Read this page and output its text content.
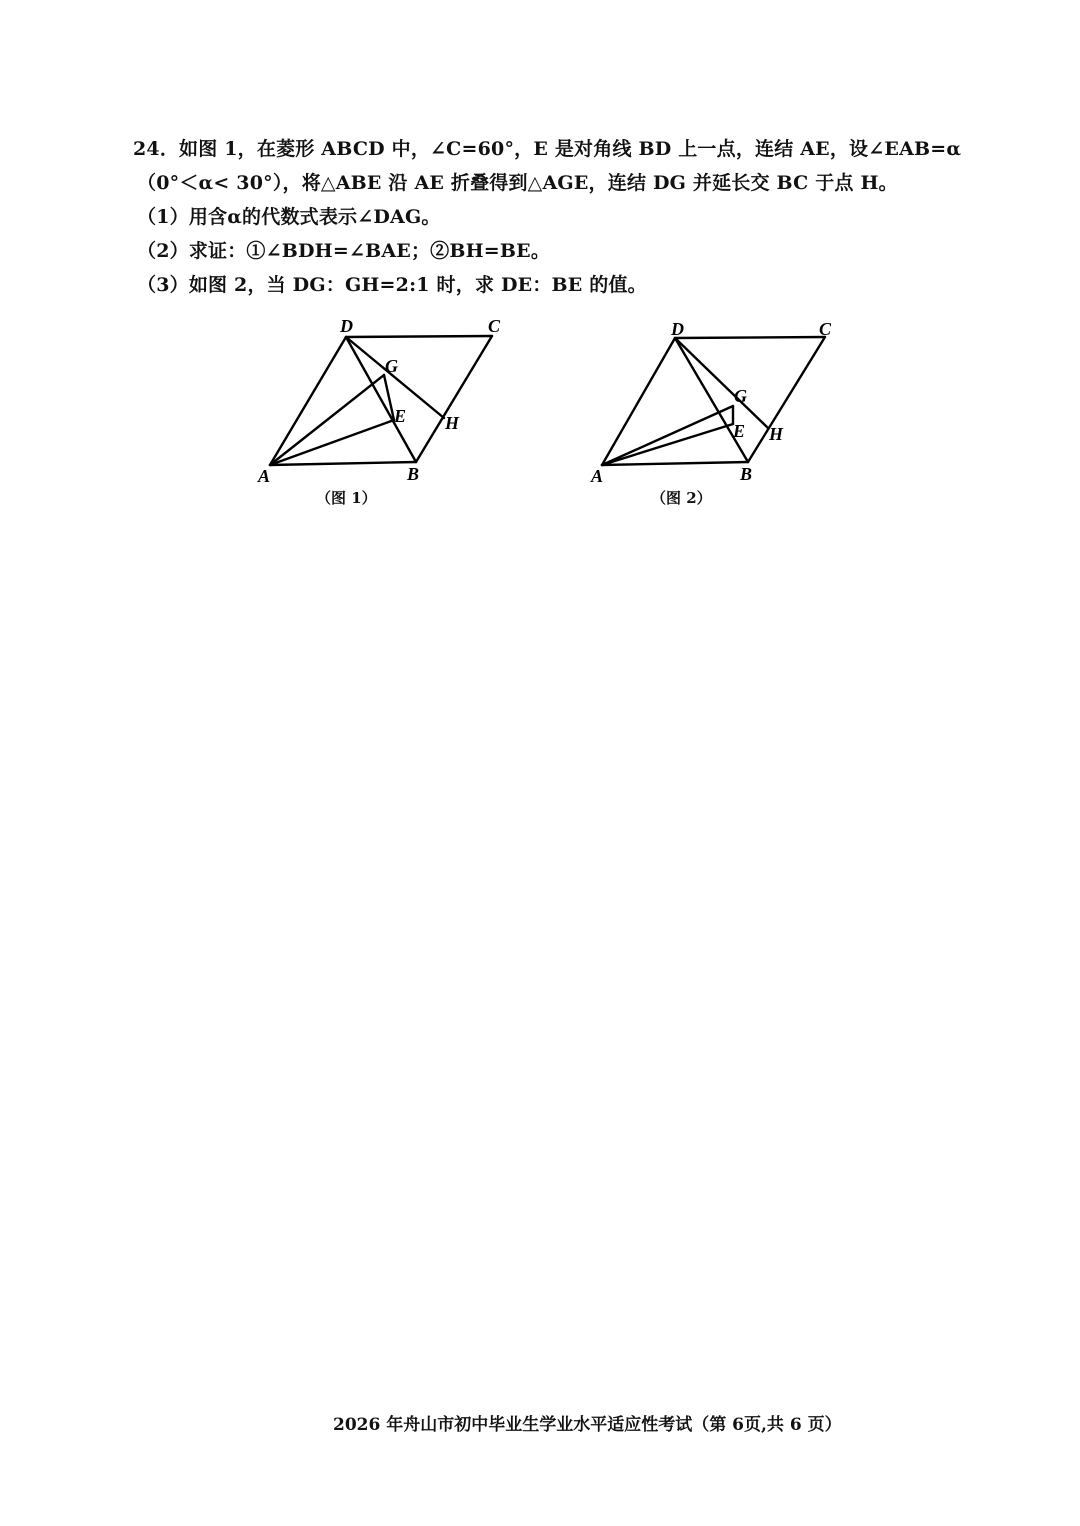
24．如图 1，在菱形 ABCD 中，∠C=60°，E 是对角线 BD 上一点，连结 AE，设∠EAB=α
（0°＜α< 30°），将△ABE 沿 AE 折叠得到△AGE，连结 DG 并延长交 BC 于点 H。
（1）用含α的代数式表示∠DAG。
（2）求证：①∠BDH=∠BAE；②BH=BE。
（3）如图 2，当 DG：GH=2:1 时，求 DE：BE 的值。
D	C
G
E H
A	B
（图 1）
D	C
G
E H
A	B
（图 2）
2026 年舟山市初中毕业生学业水平适应性考试（第 6页,共 6 页）
